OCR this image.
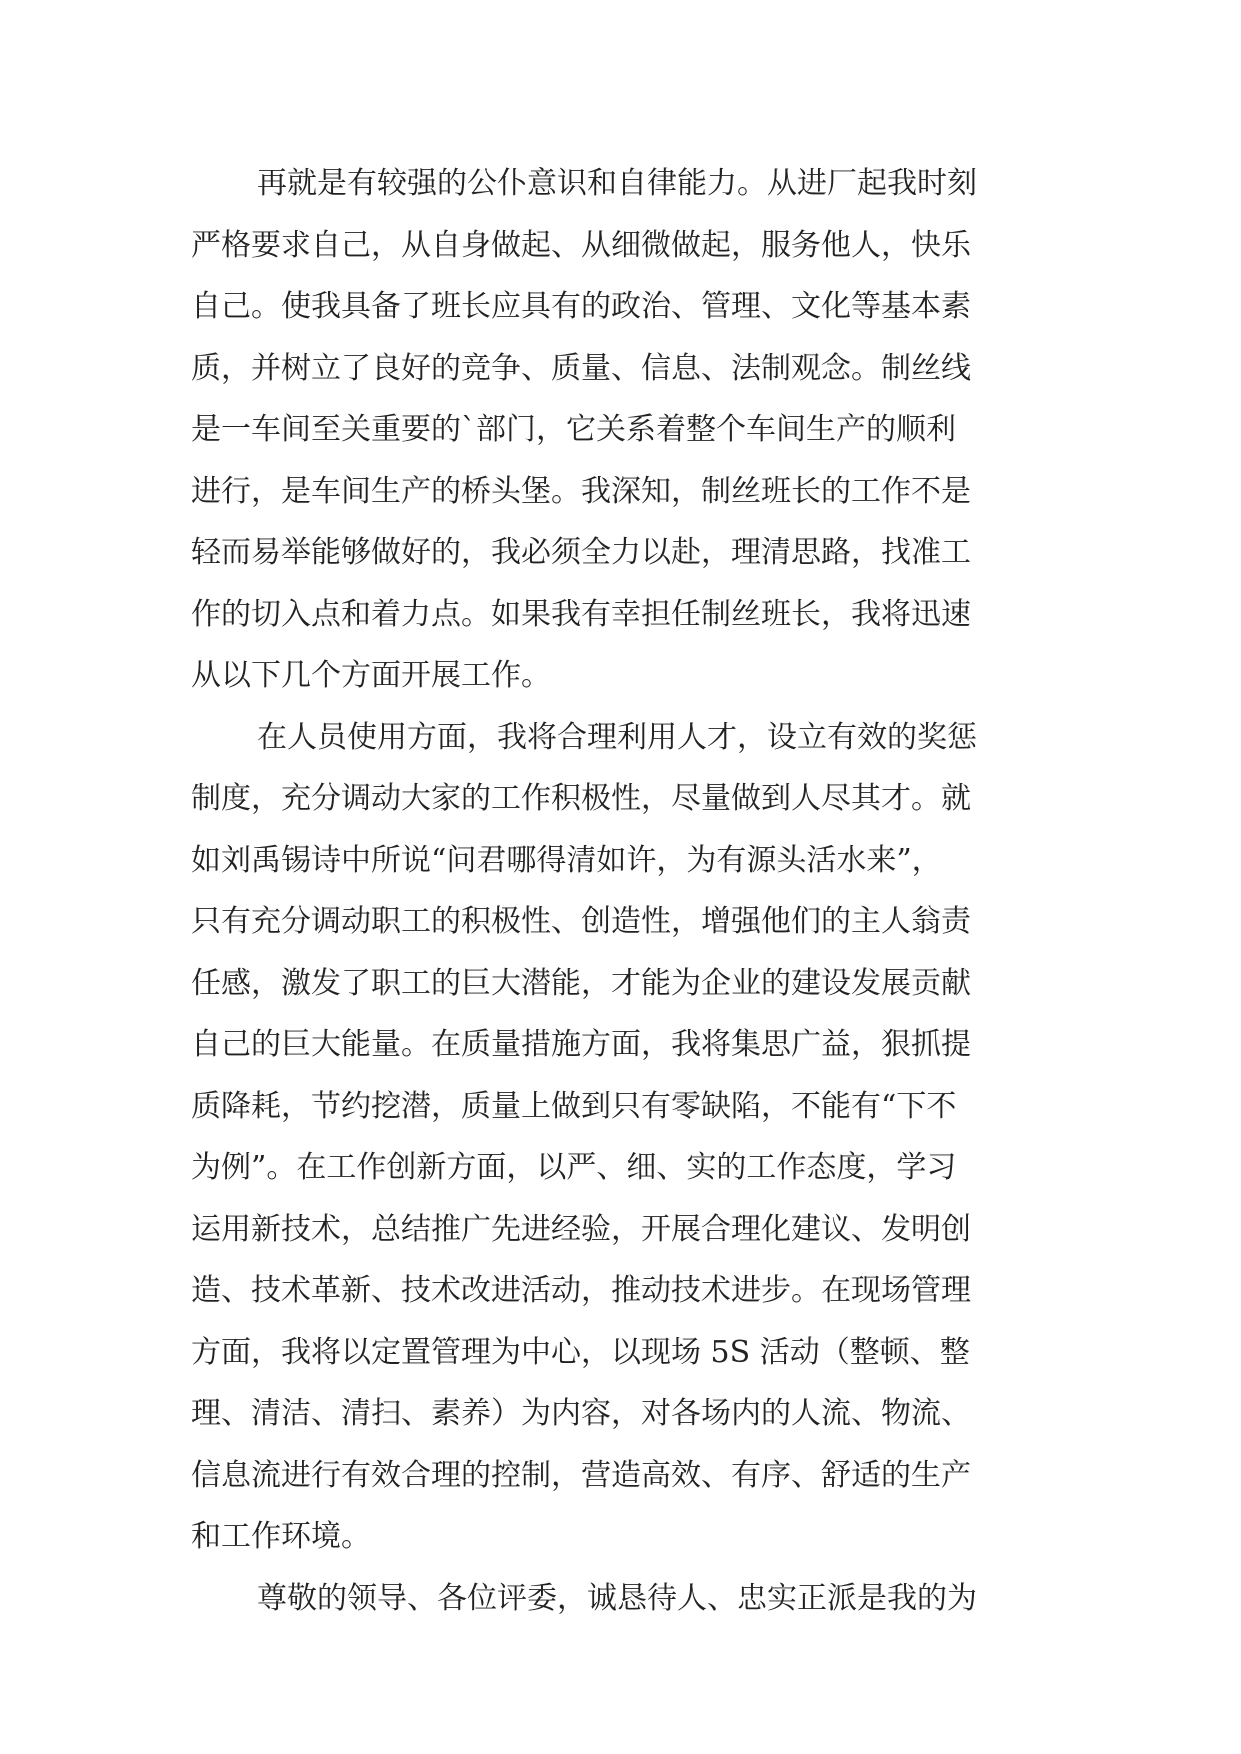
再就是有较强的公仆意识和自律能力。从进厂起我时刻
严格要求自己，从自身做起、从细微做起，服务他人，快乐
自己。使我具备了班长应具有的政治、管理、文化等基本素
质，并树立了良好的竞争、质量、信息、法制观念。制丝线
是一车间至关重要的`部门，它关系着整个车间生产的顺利
进行，是车间生产的桥头堡。我深知，制丝班长的工作不是
轻而易举能够做好的，我必须全力以赴，理清思路，找准工
作的切入点和着力点。如果我有幸担任制丝班长，我将迅速
从以下几个方面开展工作。
在人员使用方面，我将合理利用人才，设立有效的奖惩
制度，充分调动大家的工作积极性，尽量做到人尽其才。就
如刘禹锡诗中所说“问君哪得清如许，为有源头活水来”，
只有充分调动职工的积极性、创造性，增强他们的主人翁责
任感，激发了职工的巨大潜能，才能为企业的建设发展贡献
自己的巨大能量。在质量措施方面，我将集思广益，狠抓提
质降耗，节约挖潜，质量上做到只有零缺陷，不能有“下不
为例”。在工作创新方面，以严、细、实的工作态度，学习
运用新技术，总结推广先进经验，开展合理化建议、发明创
造、技术革新、技术改进活动，推动技术进步。在现场管理
方面，我将以定置管理为中心，以现场 5S 活动（整顿、整
理、清洁、清扫、素养）为内容，对各场内的人流、物流、
信息流进行有效合理的控制，营造高效、有序、舒适的生产
和工作环境。
尊敬的领导、各位评委，诚恳待人、忠实正派是我的为
